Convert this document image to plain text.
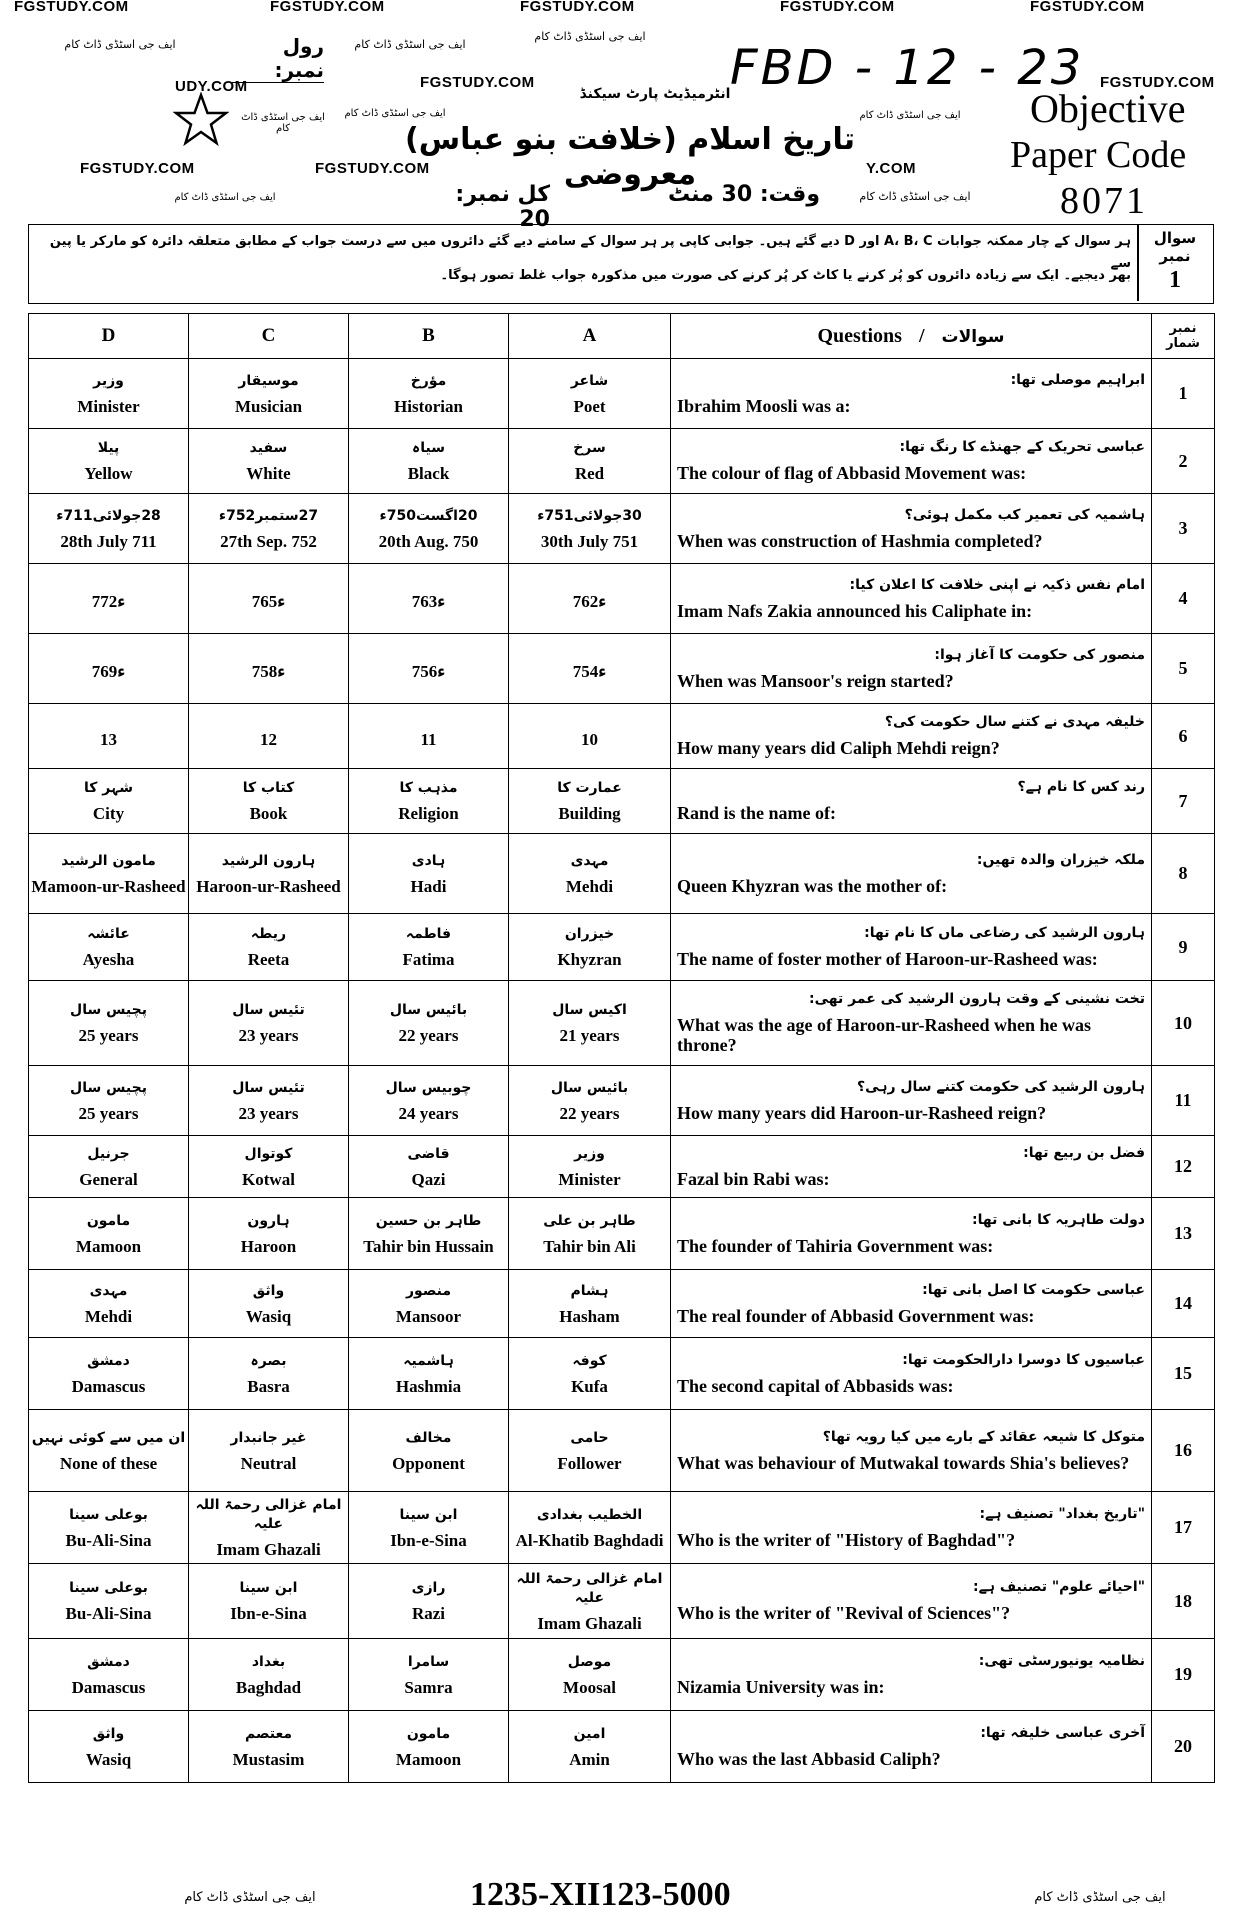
FGSTUDY.COM	FGSTUDY.COM	FGSTUDY.COM	FGSTUDY.COM	FGSTUDY.COM
ایف جی اسٹڈی ڈاٹ کام	رول نمبر:
ایف جی اسٹڈی ڈاٹ کام
ایف جی اسٹڈی ڈاٹ کام
FBD - 12 - 23
UDY.COM	FGSTUDY.COM	FGSTUDY.COM
انٹرمیڈیٹ پارٹ سیکنڈ
ایف جی اسٹڈی ڈاٹ کام
ایف جی اسٹڈی ڈاٹ کام	ایف جی اسٹڈی ڈاٹ کام	Objective
Paper Code
8071
تاریخ اسلام (خلافت بنو عباس) معروضی
FGSTUDY.COM	FGSTUDY.COM	Y.COM
ایف جی اسٹڈی ڈاٹ کام	کل نمبر: 20
وقت: 30 منٹ	ایف جی اسٹڈی ڈاٹ کام
ہر سوال کے چار ممکنہ جوابات A، B، C اور D دیے گئے ہیں۔ جوابی کاپی پر ہر سوال کے سامنے دیے گئے دائروں میں سے درست جواب کے مطابق متعلقہ دائرہ کو مارکر یا پین سے
بھر دیجیے۔ ایک سے زیادہ دائروں کو پُر کرنے یا کاٹ کر پُر کرنے کی صورت میں مذکورہ جواب غلط تصور ہوگا۔
سوال نمبر
1
D	C	B	A	Questions / سوالات	نمبر شمار

وزیر
Minister	موسیقار
Musician	مؤرخ
Historian	شاعر
Poet	ابراہیم موصلی تھا:
Ibrahim Moosli was a:	1

پیلا
Yellow	سفید
White	سیاہ
Black	سرخ
Red	عباسی تحریک کے جھنڈے کا رنگ تھا:
The colour of flag of Abbasid Movement was:	2

28جولائی711ء
28th July 711	27ستمبر752ء
27th Sep. 752	20اگست750ء
20th Aug. 750	30جولائی751ء
30th July 751	ہاشمیہ کی تعمیر کب مکمل ہوئی؟
When was construction of Hashmia completed?	3

772ء	765ء	763ء	762ء	امام نفس ذکیہ نے اپنی خلافت کا اعلان کیا:
Imam Nafs Zakia announced his Caliphate in:	4

769ء	758ء	756ء	754ء	منصور کی حکومت کا آغاز ہوا:
When was Mansoor's reign started?	5

13	12	11	10	خلیفہ مہدی نے کتنے سال حکومت کی؟
How many years did Caliph Mehdi reign?	6

شہر کا
City	کتاب کا
Book	مذہب کا
Religion	عمارت کا
Building	رند کس کا نام ہے؟
Rand is the name of:	7

مامون الرشید
Mamoon-ur-Rasheed	ہارون الرشید
Haroon-ur-Rasheed	ہادی
Hadi	مہدی
Mehdi	ملکہ خیزران والدہ تھیں:
Queen Khyzran was the mother of:	8

عائشہ
Ayesha	ریطہ
Reeta	فاطمہ
Fatima	خیزران
Khyzran	ہارون الرشید کی رضاعی ماں کا نام تھا:
The name of foster mother of Haroon-ur-Rasheed was:	9

پچیس سال
25 years	تئیس سال
23 years	بائیس سال
22 years	اکیس سال
21 years	تخت نشینی کے وقت ہارون الرشید کی عمر تھی:
What was the age of Haroon-ur-Rasheed when he was throne?	10

پچیس سال
25 years	تئیس سال
23 years	چوبیس سال
24 years	بائیس سال
22 years	ہارون الرشید کی حکومت کتنے سال رہی؟
How many years did Haroon-ur-Rasheed reign?	11

جرنیل
General	کوتوال
Kotwal	قاضی
Qazi	وزیر
Minister	فضل بن ربیع تھا:
Fazal bin Rabi was:	12

مامون
Mamoon	ہارون
Haroon	طاہر بن حسین
Tahir bin Hussain	طاہر بن علی
Tahir bin Ali	دولت طاہریہ کا بانی تھا:
The founder of Tahiria Government was:	13

مہدی
Mehdi	واثق
Wasiq	منصور
Mansoor	ہشام
Hasham	عباسی حکومت کا اصل بانی تھا:
The real founder of Abbasid Government was:	14

دمشق
Damascus	بصرہ
Basra	ہاشمیہ
Hashmia	کوفہ
Kufa	عباسیوں کا دوسرا دارالحکومت تھا:
The second capital of Abbasids was:	15

ان میں سے کوئی نہیں
None of these	غیر جانبدار
Neutral	مخالف
Opponent	حامی
Follower	متوکل کا شیعہ عقائد کے بارے میں کیا رویہ تھا؟
What was behaviour of Mutwakal towards Shia's believes?	16

بوعلی سینا
Bu-Ali-Sina	امام غزالی رحمۃ اللہ علیہ
Imam Ghazali	ابن سینا
Ibn-e-Sina	الخطیب بغدادی
Al-Khatib Baghdadi	"تاریخ بغداد" تصنیف ہے:
Who is the writer of "History of Baghdad"?	17

بوعلی سینا
Bu-Ali-Sina	ابن سینا
Ibn-e-Sina	رازی
Razi	امام غزالی رحمۃ اللہ علیہ
Imam Ghazali	"احیائے علوم" تصنیف ہے:
Who is the writer of "Revival of Sciences"?	18

دمشق
Damascus	بغداد
Baghdad	سامرا
Samra	موصل
Moosal	نظامیہ یونیورسٹی تھی:
Nizamia University was in:	19

واثق
Wasiq	معتصم
Mustasim	مامون
Mamoon	امین
Amin	آخری عباسی خلیفہ تھا:
Who was the last Abbasid Caliph?	20
ایف جی اسٹڈی ڈاٹ کام	1235-XII123-5000	ایف جی اسٹڈی ڈاٹ کام
